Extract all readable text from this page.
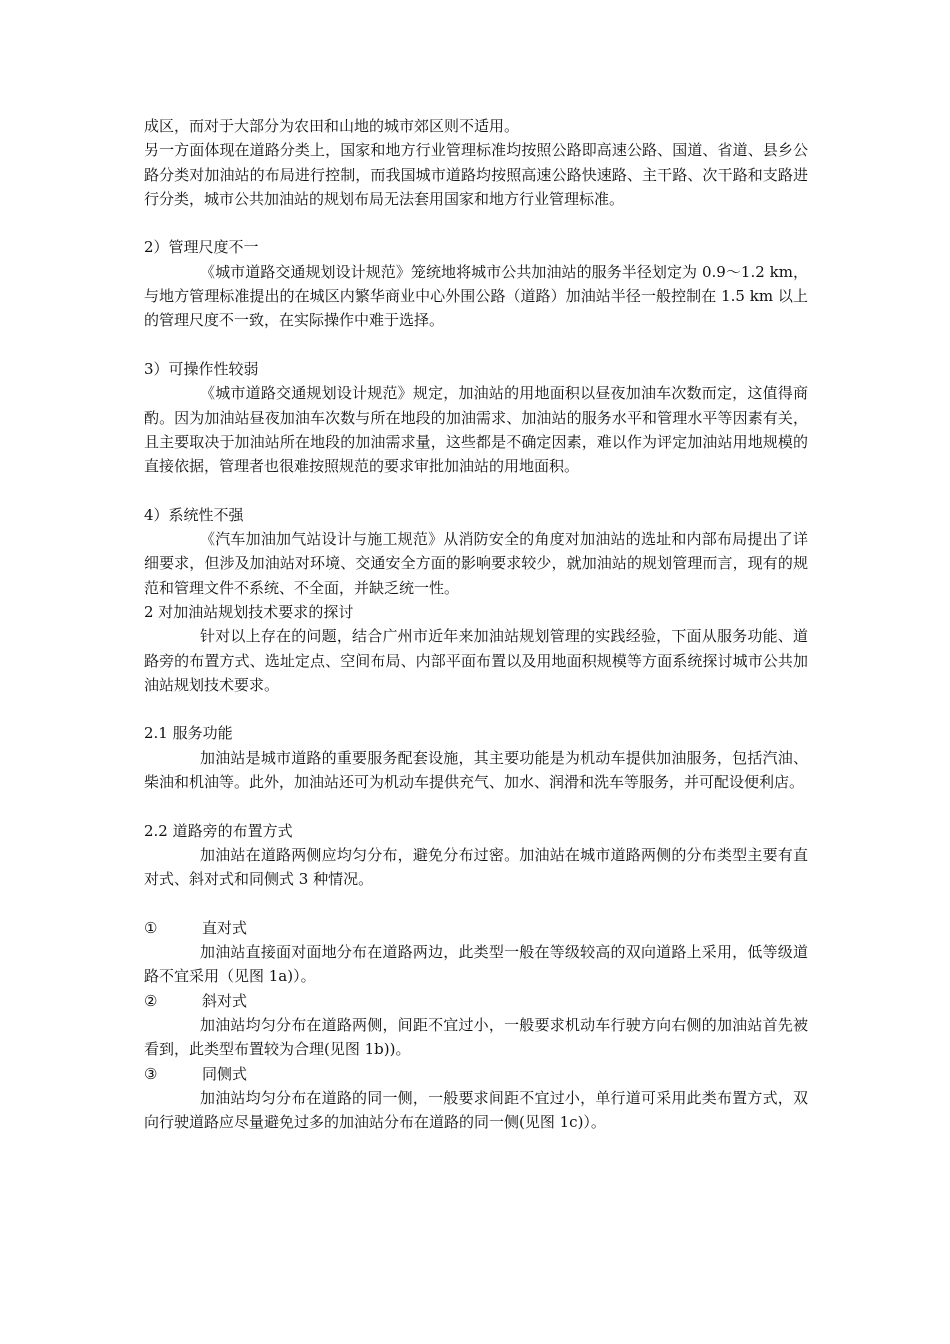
成区，而对于大部分为农田和山地的城市郊区则不适用。

另一方面体现在道路分类上，国家和地方行业管理标准均按照公路即高速公路、国道、省道、县乡公路分类对加油站的布局进行控制，而我国城市道路均按照高速公路快速路、主干路、次干路和支路进行分类，城市公共加油站的规划布局无法套用国家和地方行业管理标准。

2）管理尺度不一

《城市道路交通规划设计规范》笼统地将城市公共加油站的服务半径划定为 0.9～1.2 km，与地方管理标准提出的在城区内繁华商业中心外围公路（道路）加油站半径一般控制在 1.5 km 以上的管理尺度不一致，在实际操作中难于选择。

3）可操作性较弱

《城市道路交通规划设计规范》规定，加油站的用地面积以昼夜加油车次数而定，这值得商酌。因为加油站昼夜加油车次数与所在地段的加油需求、加油站的服务水平和管理水平等因素有关，且主要取决于加油站所在地段的加油需求量，这些都是不确定因素，难以作为评定加油站用地规模的直接依据，管理者也很难按照规范的要求审批加油站的用地面积。

4）系统性不强

《汽车加油加气站设计与施工规范》从消防安全的角度对加油站的选址和内部布局提出了详细要求，但涉及加油站对环境、交通安全方面的影响要求较少，就加油站的规划管理而言，现有的规范和管理文件不系统、不全面，并缺乏统一性。

2 对加油站规划技术要求的探讨

针对以上存在的问题，结合广州市近年来加油站规划管理的实践经验，下面从服务功能、道路旁的布置方式、选址定点、空间布局、内部平面布置以及用地面积规模等方面系统探讨城市公共加油站规划技术要求。

2.1 服务功能

加油站是城市道路的重要服务配套设施，其主要功能是为机动车提供加油服务，包括汽油、柴油和机油等。此外，加油站还可为机动车提供充气、加水、润滑和洗车等服务，并可配设便利店。

2.2 道路旁的布置方式

加油站在道路两侧应均匀分布，避免分布过密。加油站在城市道路两侧的分布类型主要有直对式、斜对式和同侧式 3 种情况。

①	直对式

加油站直接面对面地分布在道路两边，此类型一般在等级较高的双向道路上采用，低等级道路不宜采用（见图 1a)）。

②	斜对式

加油站均匀分布在道路两侧，间距不宜过小，一般要求机动车行驶方向右侧的加油站首先被看到，此类型布置较为合理(见图 1b))。

③	同侧式

加油站均匀分布在道路的同一侧，一般要求间距不宜过小，单行道可采用此类布置方式，双向行驶道路应尽量避免过多的加油站分布在道路的同一侧(见图 1c)）。
